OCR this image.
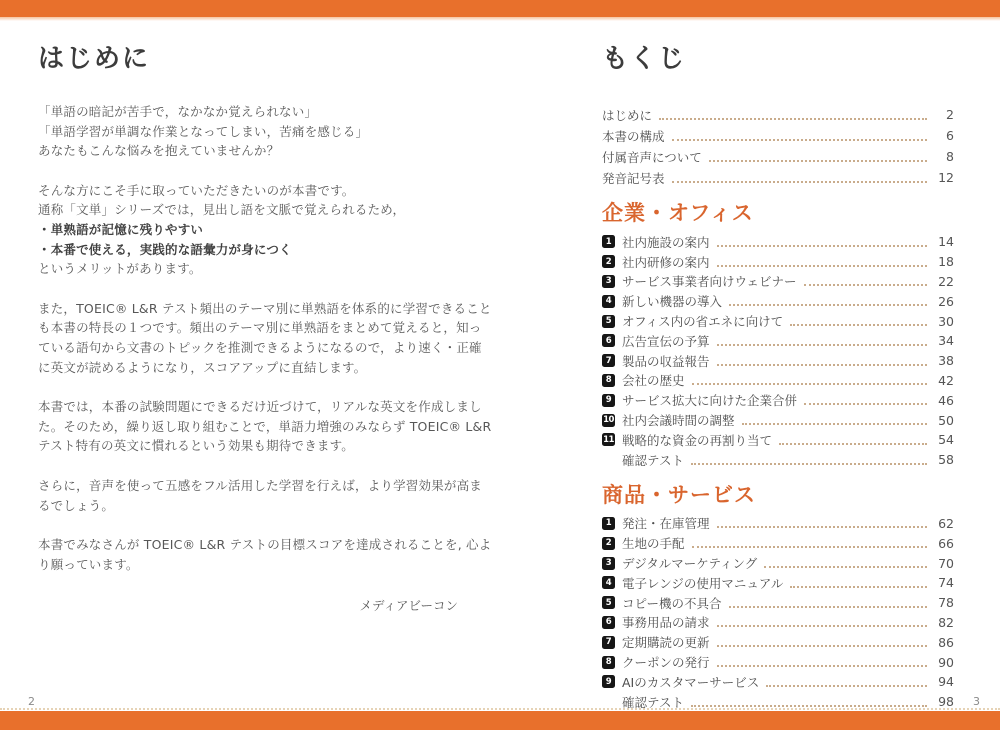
はじめに
「単語の暗記が苦手で，なかなか覚えられない」
「単語学習が単調な作業となってしまい，苦痛を感じる」
あなたもこんな悩みを抱えていませんか？
そんな方にこそ手に取っていただきたいのが本書です。
通称「文単」シリーズでは，見出し語を文脈で覚えられるため，
・単熟語が記憶に残りやすい
・本番で使える，実践的な語彙力が身につく
というメリットがあります。
また，TOEIC® L&R テスト頻出のテーマ別に単熟語を体系的に学習できること
も本書の特長の１つです。頻出のテーマ別に単熟語をまとめて覚えると，知っ
ている語句から文書のトピックを推測できるようになるので，より速く・正確
に英文が読めるようになり，スコアアップに直結します。
本書では，本番の試験問題にできるだけ近づけて，リアルな英文を作成しまし
た。そのため，繰り返し取り組むことで，単語力増強のみならず TOEIC® L&R
テスト特有の英文に慣れるという効果も期待できます。
さらに，音声を使って五感をフル活用した学習を行えば，より学習効果が高ま
るでしょう。
本書でみなさんが TOEIC® L&R テストの目標スコアを達成されることを, 心よ
り願っています。
メディアビーコン
もくじ
はじめに	2
本書の構成	6
付属音声について	8
発音記号表	12
企業・オフィス
1 社内施設の案内	14
2 社内研修の案内	18
3 サービス事業者向けウェビナー	22
4 新しい機器の導入	26
5 オフィス内の省エネに向けて	30
6 広告宣伝の予算	34
7 製品の収益報告	38
8 会社の歴史	42
9 サービス拡大に向けた企業合併	46
10 社内会議時間の調整	50
11 戦略的な資金の再割り当て	54
確認テスト	58
商品・サービス
1 発注・在庫管理	62
2 生地の手配	66
3 デジタルマーケティング	70
4 電子レンジの使用マニュアル	74
5 コピー機の不具合	78
6 事務用品の請求	82
7 定期購読の更新	86
8 クーポンの発行	90
9 AIのカスタマーサービス	94
確認テスト	98
2	3
